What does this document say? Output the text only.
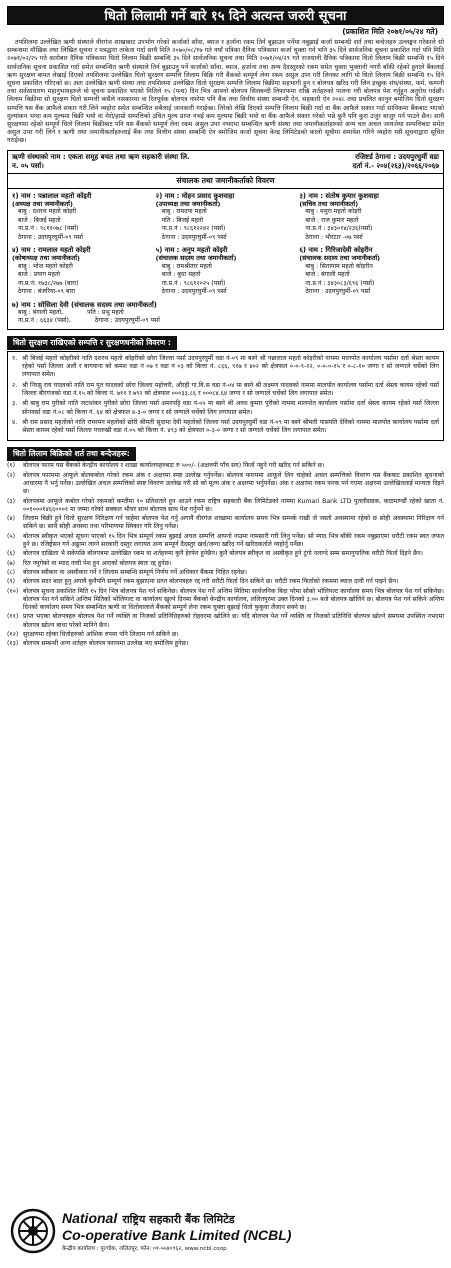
धितो लिलामी गर्ने बारे १५ दिने अत्यन्त जरुरी सूचना
(प्रकाशित मिति २०७१/०५/२४ गते)

तपशिलमा उल्लेखित ऋणी संस्थाले वीरगंज शाखाबाट उपभोग गरेको कर्जाको साँवा, ब्याज र हर्जाना रकम तिर्न बुझाउन पर्नेमा नबुझाई कर्जा सम्बन्धी शर्त तथा बन्देजहरु उल्लङ्घन गरेकाले सो सम्बन्धमा मौखिक तथा लिखित सूचना र पत्रद्धारा ताकेता गर्दा साथै मिति २०७०/०८/१७ गते नयाँ पत्रिका दैनिक पत्रिकामा कर्जा चुक्ता गर्न भनि ३५ दिने सार्वजनिक सूचना प्रकाशित गर्दा पनि मिति २०७१/०२/२५ गते कारोबार दैनिक पत्रिकामा धितो लिलाम बिक्री सम्बन्धि ३५ दिने सार्वजनिक सूचना तथा मिति २०७१/०४/२९ गते राजधानी दैनिक पत्रिकामा धितो लिलाम बिक्री सम्बन्धि १५ दिने सार्वजनिक सूचना प्रकाशित गर्दा समेत सम्बन्धित ऋणी संस्थाले तिर्न बुझाउनु पर्ने कर्जाको साँवा, ब्याज, हर्जाना तथा अन्य दैदस्तुरको रकम समेत चुक्ता भुक्तानी नगरी बाँकी रहेको हुनाले बैंकलाई ऋण सुरक्षण बापत लेखाई दिएको तपशिलमा उल्लेखित धितो सुरक्षण सम्पत्ति लिलाम बिक्रि गरी बैंकको सम्पूर्ण लेना रकम असुल उपर गरी लिनका लागि यो धितो लिलाम बिक्री सम्बन्धि १५ दिने सूचना प्रकाशित गरिएको छ। अतः उल्लेखित ऋणी संस्था तथा तपशिलमा उल्लेखित धितो सुरक्षण सम्पत्ति लिलाम बिक्रीमा सहभागी हुन र बोलपत्र खरिद गरी लिन इच्छुक संघ/संस्था, फर्म, कम्पनी तथा सर्वसाधारण महानुभावहरुले यो सूचना प्रकाशित भएको मितिले १५ (पन्ध) दिन भित्र आफ्नो बोलपत्र सिलबन्दी लिफाफमा राखि शर्तहरुको पालना गरी बोलपत्र पेश गर्नुहुन अनुरोध गर्दछौं। लिलाम बिक्रीमा सो सुरक्षण धितो सम्पत्ती कसैले नसकारमा वा रितपूर्वक बोलपत्र नपरेमा पनि बैंक तथा वित्तीय संस्था सम्बन्धी ऐन, सहकारी ऐन २०४८ तथा प्रचलित कानुन बमोजिम धितो सुरक्षण सम्पत्ति यस बैंक आफैले सकार गरी लिने व्यहोरा समेत सम्बन्धित सबैलाई जानकारी गराईन्छ। तिरेको लेखि दिएको सम्पत्ति लिलाम बिक्री गर्दा वा बैंक आफैले सकार गर्दा साविकमा बैंकबाट भएको मुल्यांकन भन्दा कम मुल्यमा बिक्री भयो वा मेरो/हाम्रो सम्पत्तिको उचित मुल्य प्राप्त नभई कम मुल्यमा बिक्री भयो वा बैंक आफैले सकार गरेको भन्ने कुनै पनि कुरा उजुर बाजुर गर्न पाउने छैन। साथै सुरक्षणमा रहेको सम्पूर्ण धितो लिलाम बिक्रीबाट पनि यस बैंकको सम्पूर्ण लेना रकम असुल उपर नभएमा सम्बन्धित ऋणी संस्था तथा जमानीकर्ताहरुको अन्य चल अचल जायजेथा सम्पत्तिबाट समेत असुल उपर गरी लिने र ऋणी तथा जमानीकर्ताहरुलाई बैंक तथा वित्तीय संस्था सम्बन्धि ऐन बमोजिम कर्जा सूचना केन्द्र लिमिटेडको कालो सूचीमा समावेश गरिने व्यहोरा यसै सूचनाद्वारा सूचित गराईन्छ।

ऋणी संस्थाको नाम : एकता समूह बचत तथा ऋण सहकारी संस्था लि.	रजिष्टर्ड ठेगाना : उदयपुरघुर्मी वडा
न. ०५ पर्सा।	दर्ता नं.- २०४(२६३)/२०६६/२०६७
संचालक तथा जमानीकर्ताको विवरण
१) नाम : पन्नालाल महतो कोइरी
(अध्यक्ष तथा जमानीकर्ता)
बाबु : दशरथ महतो कोइरी
बाजे : बिजई महतो
ना.प्र.नं : ९८११०७८ (पर्सा)
ठेगाना : उदयपुरघुर्मी-०९ पर्सा
२) नाम : मोहन प्रसाद कुशवाहा
(उपाध्यक्ष तथा जमानीकर्ता)
बाबु : रामदया महतो
पति : बिजई महतो
ना.प्र.नं : ९८६१२२४२ (पर्सा)
ठेगाना : उदयपुरघुर्मी-०९ पर्सा
३) नाम : संतोष कुमार कुशवाहा
(सचिव तथा जमानीकर्ता)
बाबु : मथुरा महतो कोइरी
बाजे : राज कुमार महतो
ना.प्र.नं : ३४३०१४/२३६(पर्सा)
ठेगाना : भौरटार -०७ पर्सा
४) नाम : रामलाल महतो कोइरी
(कोषाध्यक्ष तथा जमानीकर्ता)
बाबु : भोज महतो कोइरी
बाजे : प्रयाग महतो
ना.प्र.नं: १७३८/२७७ (बारा)
ठेगाना : बंजरिया-०९ बारा
५) नाम : अनुप महतो कोइरी
(संचालक सदस्य तथा जमानीकर्ता)
बाबु : रामश्रीतार महतो
बाजे : बुधा महतो
ना.प्र.नं : ९८६१२०२५ (पर्सा)
ठेगाना : उदयपुरघुर्मी-०९ पर्सा
६) नाम : गिरिजादेवी कोइरीन
(संचालक सदस्य तथा जमानीकर्ता)
बाबु : सितापाम महतो कोइरीन
बाजे : बंगाली महतो
ना.प्र.नं : ३४३०८३/६९६ (पर्सा)
ठेगाना : उदयपुरघुर्मी-०९ पर्सा
७) नाम : सोसिला देवी (संचालक सदस्य तथा जमानीकर्ता)
बाबु : बंगाली महतो,	पति : प्रभु महतो
ना.प्र.नं : ६६३४ (पर्सा),	ठेगाना : उदयपुरघुर्मी-०९ पर्सा
धितो सुरक्षण राखिएको सम्पत्ति र सुरक्षणधनीको विवरण :
१. श्री बिजई महतो कोइरीको नाति दशरथ महतो कोइरीको छोरा जिल्ला पर्सा उदयपुरघुर्मी वडा नं-०९ मा बस्ने श्री पन्नालाल महतो कोइरीको नाममा मालपोत कार्यालय पर्सामा दर्ता श्रेस्ता कायम रहेको पर्सा जिल्ला अलौ र बागवाना को कमश वडा नं ०७ र वडा नं ०३ को कित्ता नं. ८६६, ९१७ र ४०२ को क्षेत्रफल ०-०-९-१२, ०-०-०-१५ र ०-८-१० जग्गा र सो जग्गाले चर्चेको लिग लगापात समेत।
२. श्री निरसु राय यादवको नाति राम पुत यादवको छोरा जिल्ला महोत्तरी, औरही गा.वि.स वडा नं-०४ मा बस्ने श्री लक्ष्मण यादवको नाममा मालपोत कार्यालय पर्सामा दर्ता श्रेस्ता कायम रहेको पर्सा जिल्ला बीरगंजको वडा नं.१५ को कित्ता नं. ७११ र ७९२ को क्षेत्रफल ०००३३.८६ र ०००८४.६४ जग्गा र सो जग्गाले चर्चेको लिग लगापात समेत।
३. श्री बाबु राम पुरीको नाति जटाशंकर पुरीको छोरा जिल्ला पर्सा अमरपट्टि वडा नं-०५ मा बस्ने श्री अवध कुमार पुरीको नाममा मालपोत कार्यालय पर्सामा दर्ता श्रेस्ता कायम रहेको पर्सा जिल्ला सोनवर्सा वडा नं.०८ को कित्ता नं. ६४ को क्षेत्रफल ४-३-० जग्गा र सो जग्गाले चर्चेको लिग लगापात समेत।
४. श्री राम प्रसाद महतोको नाति रामरमन महतोको छोरी श्रीमती सुदामा देवी महतोको जिल्ला पर्सा उदयपुरघुर्मी वडा नं-०९ मा बस्ने श्रीमती पासपति देविको नाममा मालपोत कार्यालय पर्सामा दर्ता श्रेस्ता कायम रहेको पर्सा जिल्ला पचरुखी वडा नं.०५ को कित्ता नं. ४९३ को क्षेत्रफल ०-३-० जग्गा र सो जग्गाले चर्चेको लिग लगापात समेत।
धितो लिलाम बिक्रिको शर्त तथा बन्देजहरू:
(१)	बोलपत्र फारम यस बैंकको केन्द्रीय कार्यालय र शाखा कार्यालयहरुबाट रु ५००/- (अक्षरुपी पाँच सय) फिर्ता नहुने गरी खरिद गर्न सकिने छ।
(२)	बोलपत्र फारममा आफूले बोलकबोल गरेको रकम अंक र अक्षरमा स्पष्ट उल्लेख गर्नुपर्नेछ। बोलपत्र फारममा आफूले लिन चाहेको अचल सम्पत्तिको विवरण यस बैंकबाट प्रकाशित सूचनाको आधारमा नै भर्नु पर्नेछ। उल्लेखित अचल सम्पत्तिको स्पष्ट विवरण उल्लेख गरी सो को मूल्य अंक र अक्षरमा भर्नुपर्नेछ। अंक र अक्षरमा रकम फरक पर्न गएमा अक्षरमा उल्लेखितलाई मान्यता दिइने छ।
(३)	बोलपत्रमा आफूले कबोल गरेको रकमको कम्तीमा १० प्रतिशतले हुन आउने रकम राष्ट्रिय सहकारी बैंक लिमिटेडको नाममा Kumari Bank LTD पुतलीसडक, काठमाण्डौं रहेको खाता नं. ००१०००१४६६०००१ मा जम्मा गरेको सक्कल भौचर साथ बोलपत्र साथ पेश गर्नुपर्ने छ।
(४)	लिलाम बिक्री हुने धितो सुरक्षण निरिक्षण गर्न चाहेमा बोलपत्र पेश गर्नु अगावै वीरगंज शाखामा कार्यालय समय भित्र सम्पर्क राखी जे जस्तो अवस्थामा रहेको छ सोही अवस्थामा निरिक्षण गर्न सकिने छ। साथै सोही अवस्था तथा परिमाणमा स्विकार गरि लिनु पर्नेछ।
(५)	बोलपत्र स्वीकृत भएको सूचना पाएको १५ दिन भित्र सम्पूर्ण रकम बुझाई अचल सम्पत्ति आफ्नो नाउमा नामसारी गरी लिनु पर्नेछ। सो म्याद भित्र बाँकी रकम नबुझाएमा धरौटी रकम स्वत जफत हुने छ। रजिष्ट्रेसन गर्न अड्डामा लाग्ने सरकारी दस्तुर लगायत अन्य सम्पूर्ण दैदस्तुर खर्च/जग्गा खरिद गर्ने खरिदकर्ताले व्यहोर्नु पर्नेछ।
(६)	बोलपत्र दाखिला भै सकेपछि बोलपत्रमा उल्लेखित रकम वा शर्तहरुमा कुनै हेरफेर हुनेछैन। कुनै बोलपत्र स्वीकृत वा अस्वीकृत हुने टुंगो नलाग्दे सम्म समानुपातिक धरौटी फिर्ता दिइने छैन।
(७)	रित नपुगेको वा म्याद नाघी पेश हुन आएको बोलपत्र स्वतः रद्द हुनेछ।
(८)	बोलपत्र स्वीकार वा अस्वीकार गर्ने र लिलाम सम्बन्धि सम्पूर्ण निर्णय गर्ने अधिकार बैंकमा निहित रहनेछ।
(९)	बोलपत्र सदर बदर हुनु अगावै कुनैपनि सम्पूर्ण रकम बुझाएमा प्राप्त बोलपत्रहरु रद्द गरी धरौटी फिर्ता दिन सकिने छ। धरौटी रकम फिर्ताको रकममा ब्याज दावी गर्न पाइने छैन।
(१०) बोलपत्र सूचना प्रकाशित मिति १५ दिन भित्र बोलपत्र पेश गर्न सकिनेछ। बोलपत्र पेश गर्ने अन्तिम मितिमा सार्वजनिक बिदा परेमा सोको भोलिपल्ट कार्यालय समय भित्र बोलपत्र पेश गर्न सकिनेछ। बोलपत्र पेश गर्न सकिने अन्तिम मितिको भोलिपल्ट वा कार्यालय खुल्ने दिनमा बैंकको केन्द्रीय कार्यालय, ललितपुरमा उक्त दिनको ३:०० बजे बोलपत्र खोलिने छ। बोलपत्र पेश गर्न सकिने अन्तिम दिनको कार्यालय समय भित्र सम्बन्धित ऋणी वा धितोवालाले बैंकको सम्पूर्ण लेना रकम चुक्ता बुझाई धितो फुकुवा लैजान सक्ने छ।
(११) प्राप्त भएका बोलपत्रहरु बोलपत्र पेश गर्ने व्यक्ति वा निजको प्रतिनिधिहरुको रोहवरमा खोलिने छ। यदि बोलपत्र पेश गर्ने व्यक्ति वा निजको प्रतिनिधि बोलपत्र खोल्ने समयमा उपस्थित नभएमा बोलपत्र खोल्न बाधा परेको मानिने छैन।
(१२) सुरक्षणमा रहेका धितोहरुको आंशिक रुपमा पनि लिलाम गर्न सकिने छ।
(१३) बोलपत्र सम्बन्धी अन्य शर्तहरु बोलपत्र फारममा उल्लेख भए बमोजिम हुनेछ।
National राष्ट्रिय सहकारी बैंक लिमिटेड
Co-operative Bank Limited (NCBL)
केन्द्रीय कार्यालय : पुल्चोक, ललितपुर, फोन: ०१-५५४०९६२, www.ncbl.coop
